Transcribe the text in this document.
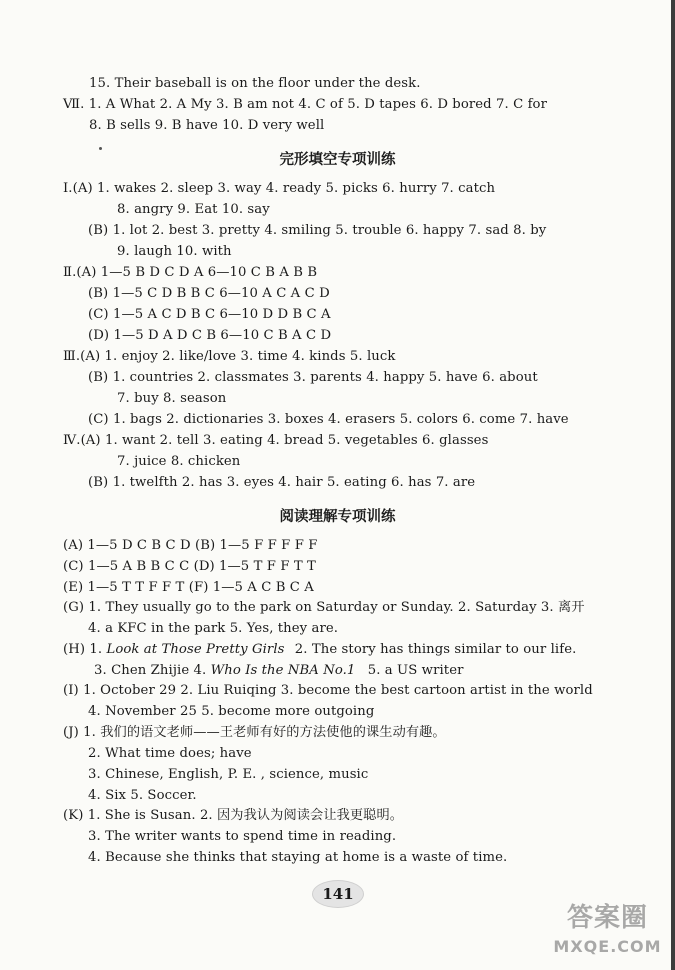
15. Their baseball is on the floor under the desk.
Ⅶ. 1. A What 2. A My 3. B am not 4. C of 5. D tapes 6. D bored 7. C for
8. B sells 9. B have 10. D very well
完形填空专项训练
Ⅰ.(A) 1. wakes 2. sleep 3. way 4. ready 5. picks 6. hurry 7. catch
8. angry 9. Eat 10. say
(B) 1. lot 2. best 3. pretty 4. smiling 5. trouble 6. happy 7. sad 8. by
9. laugh 10. with
Ⅱ.(A) 1—5 B D C D A 6—10 C B A B B
(B) 1—5 C D B B C 6—10 A C A C D
(C) 1—5 A C D B C 6—10 D D B C A
(D) 1—5 D A D C B 6—10 C B A C D
Ⅲ.(A) 1. enjoy 2. like/love 3. time 4. kinds 5. luck
(B) 1. countries 2. classmates 3. parents 4. happy 5. have 6. about
7. buy 8. season
(C) 1. bags 2. dictionaries 3. boxes 4. erasers 5. colors 6. come 7. have
Ⅳ.(A) 1. want 2. tell 3. eating 4. bread 5. vegetables 6. glasses
7. juice 8. chicken
(B) 1. twelfth 2. has 3. eyes 4. hair 5. eating 6. has 7. are
阅读理解专项训练
(A) 1—5 D C B C D (B) 1—5 F F F F F
(C) 1—5 A B B C C (D) 1—5 T F F T T
(E) 1—5 T T F F T (F) 1—5 A C B C A
(G) 1. They usually go to the park on Saturday or Sunday. 2. Saturday 3. 离开
4. a KFC in the park 5. Yes, they are.
(H) 1. Look at Those Pretty Girls 2. The story has things similar to our life.
3. Chen Zhijie 4. Who Is the NBA No.1 5. a US writer
(I) 1. October 29 2. Liu Ruiqing 3. become the best cartoon artist in the world
4. November 25 5. become more outgoing
(J) 1. 我们的语文老师——王老师有好的方法使他的课生动有趣。
2. What time does; have
3. Chinese, English, P. E. , science, music
4. Six 5. Soccer.
(K) 1. She is Susan. 2. 因为我认为阅读会让我更聪明。
3. The writer wants to spend time in reading.
4. Because she thinks that staying at home is a waste of time.
141
答案圈
MXQE.COM
